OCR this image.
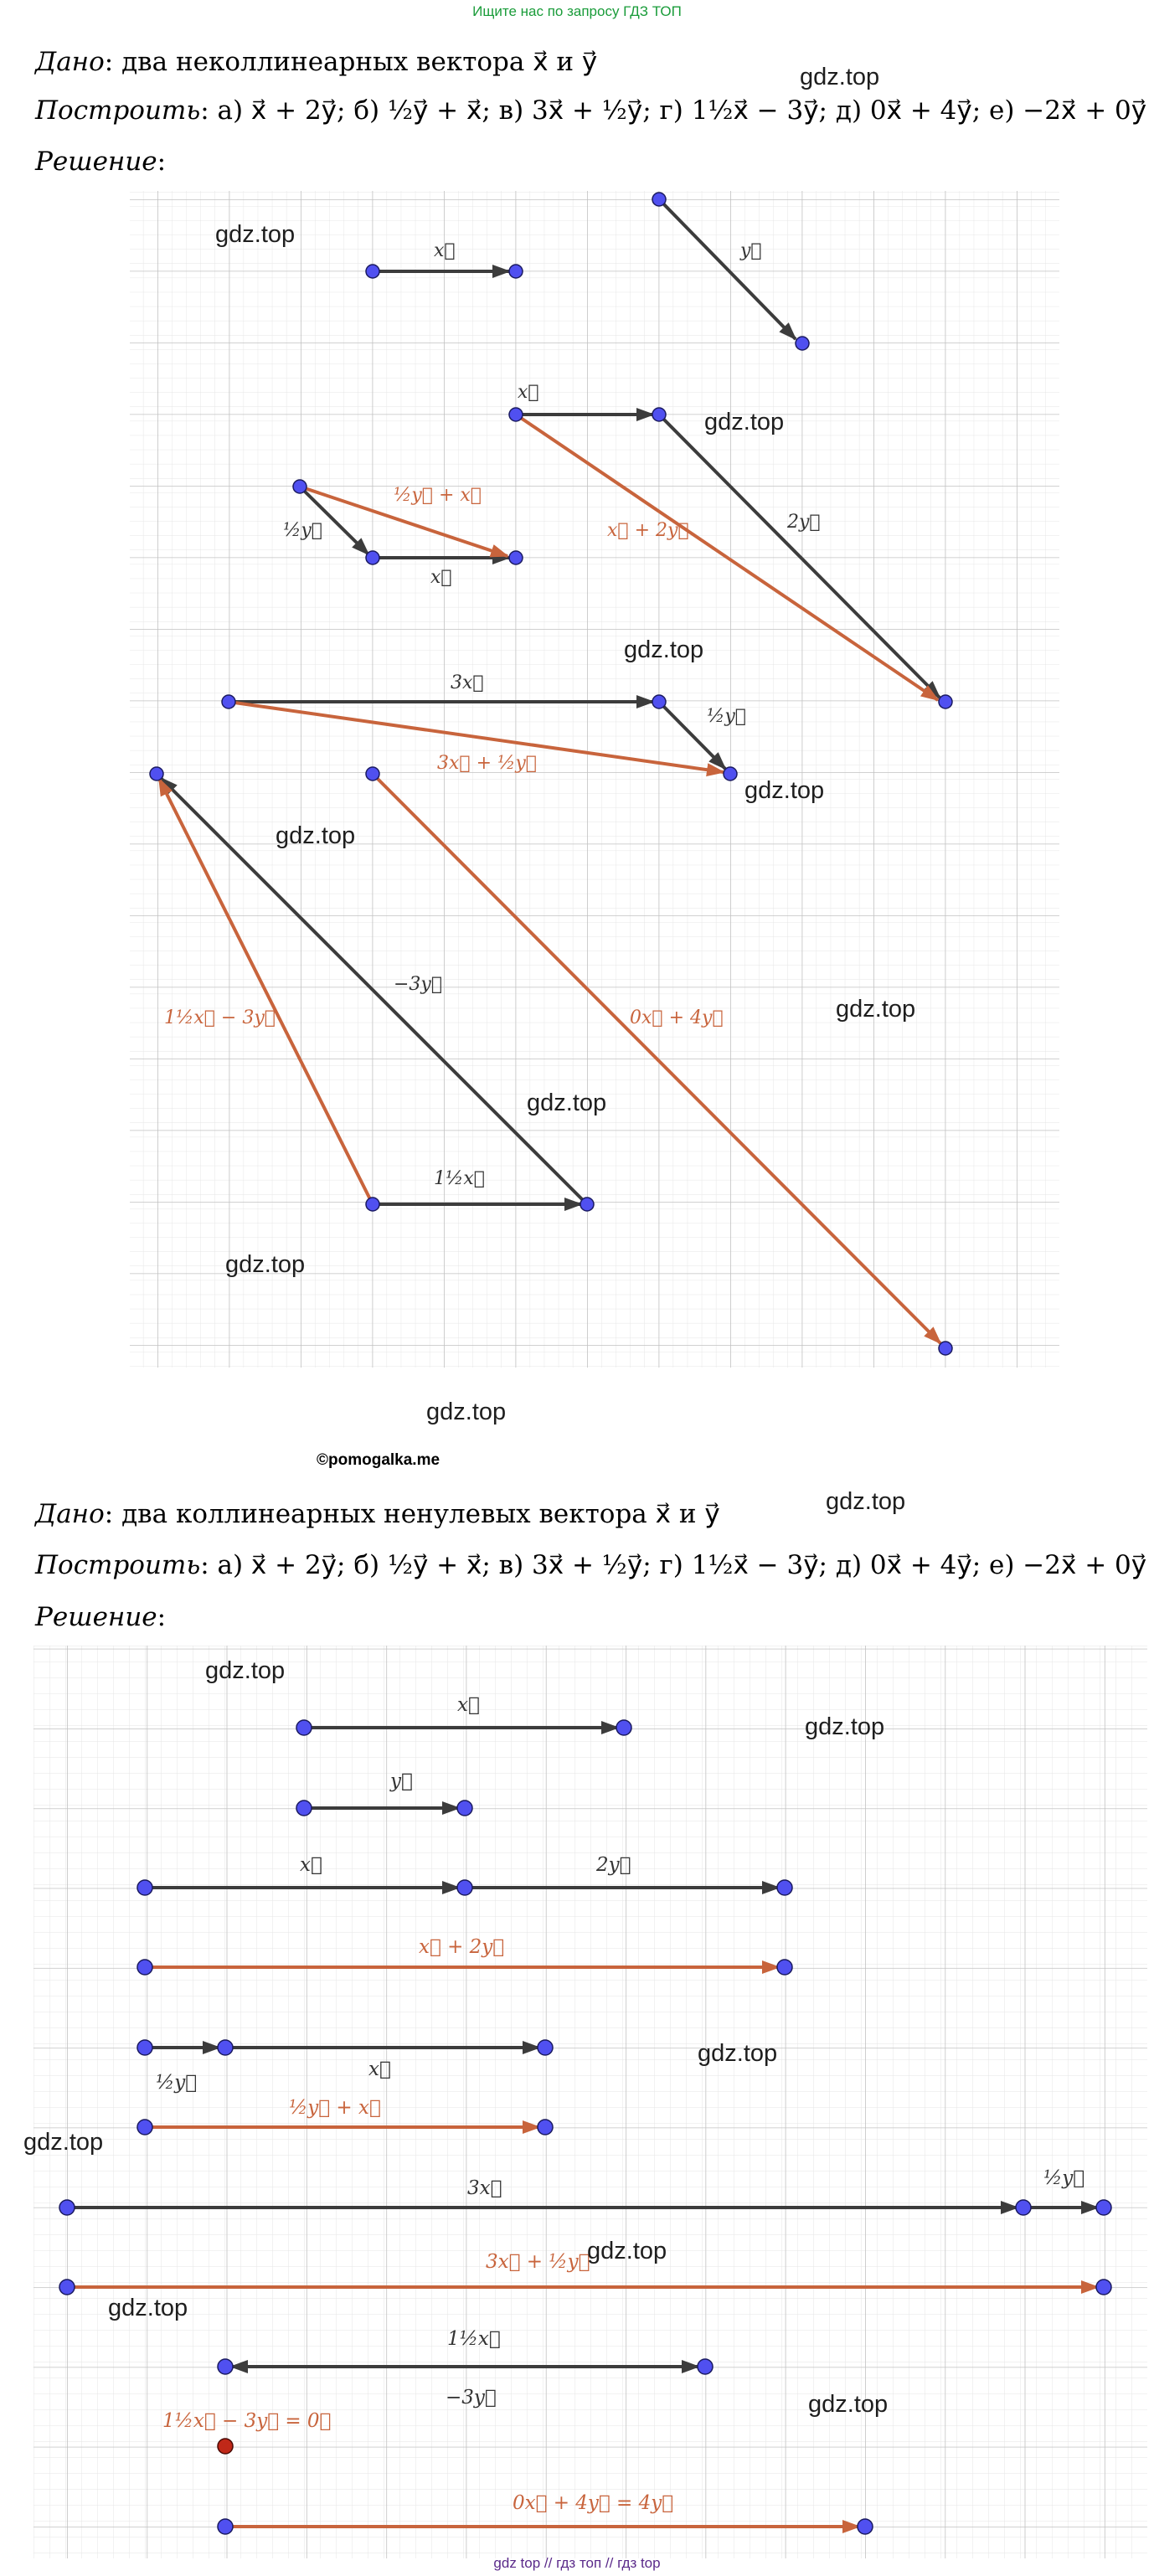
Ищите нас по запросу ГДЗ ТОП
Дано: два неколлинеарных вектора x⃗ и y⃗
Построить: а) x⃗ + 2y⃗; б) ½y⃗ + x⃗; в) 3x⃗ + ½y⃗; г) 1½x⃗ − 3y⃗; д) 0x⃗ + 4y⃗; е) −2x⃗ + 0y⃗
Решение:
Дано: два коллинеарных ненулевых вектора x⃗ и y⃗
Построить: а) x⃗ + 2y⃗; б) ½y⃗ + x⃗; в) 3x⃗ + ½y⃗; г) 1½x⃗ − 3y⃗; д) 0x⃗ + 4y⃗; е) −2x⃗ + 0y⃗
Решение:
x⃗	y⃗
x⃗
2y⃗
x⃗ + 2y⃗
½y⃗ + x⃗
½y⃗
x⃗
3x⃗
½y⃗
3x⃗ + ½y⃗
−3y⃗
1½x⃗ − 3y⃗	0x⃗ + 4y⃗
1½x⃗
x⃗
y⃗
x⃗	2y⃗
x⃗ + 2y⃗
½y⃗
x⃗
½y⃗ + x⃗
3x⃗	½y⃗
3x⃗ + ½y⃗
1½x⃗
−3y⃗
1½x⃗ − 3y⃗ = 0⃗
0x⃗ + 4y⃗ = 4y⃗
gdz.top
gdz.top
gdz.top
gdz.top
gdz.top
gdz.top
gdz.top
gdz.top
gdz.top
gdz.top
©pomogalka.me
gdz.top
gdz.top
gdz.top
gdz.top
gdz.top
gdz.top
gdz.top
gdz.top
gdz top // гдз топ // гдз top
